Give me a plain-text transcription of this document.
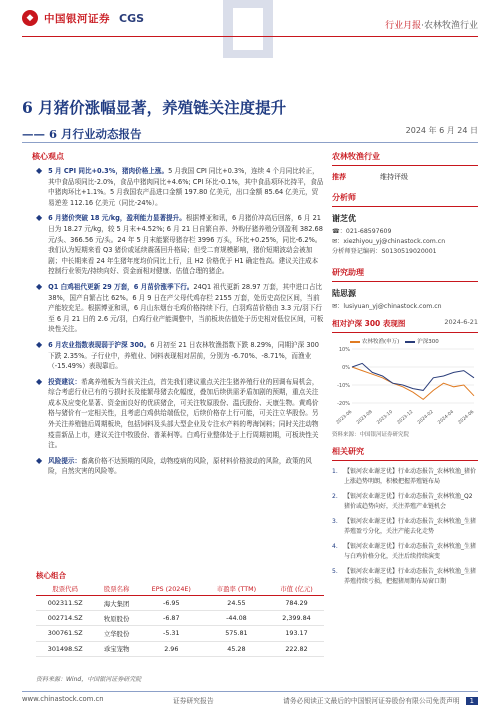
◆	中国银河证券 CGS
行业月报·农林牧渔行业
6 月猪价涨幅显著，养殖链关注度提升
—— 6 月行业动态报告	2024 年 6 月 24 日
核心观点
◆ 5 月 CPI 同比+0.3%，猪肉价格上涨。5 月我国 CPI 同比+0.3%，连续 4 个月同比转正，其中食品项同比-2.0%，食品中猪肉同比+4.6%; CPI 环比-0.1%，其中食品项环比持平，食品中猪肉环比+1.1%。5 月我国农产品进口金额 197.80 亿美元，出口金额 85.64 亿美元，贸易逆差 112.16 亿美元（同比-24%）。
◆ 6 月猪价突破 18 元/kg，盈利能力显著提升。根据博亚和讯，6 月猪价冲高后回落，6 月 21 日为 18.27 元/kg，较 5 月末+4.52%; 6 月 21 日自繁自养、外购仔猪养殖分别盈利 382.68 元/头、366.56 元/头。24 年 5 月末能繁母猪存栏 3996 万头，环比+0.25%，同比-6.2%。我们认为短期来看 Q3 猪价或延续震荡回升格局；但受二育规模影响，猪价短期波动会被加剧；中长期来看 24 年生猪年度均价同比上行，且 H2 价格优于 H1 确定性高。建议关注成本控制行业领先/持续向好、资金面相对健康、估值合理的猪企。
◆ Q1 白鸡祖代更新 29 万套，6 月苗价涨季下行。24Q1 祖代更新 28.97 万套，其中进口占比 38%，国产自繁占比 62%。6 月 9 日在产父母代鸡存栏 2155 万套，处历史高位区间，当前产能较充足。根据博亚和讯，6 月山东烟台毛鸡价格持续下行，白羽鸡苗价格由 3.3 元/羽下行至 6 月 21 日的 2.6 元/羽，白鸡行业产能调整中，当前板块估值处于历史相对低位区间，可板块性关注。
◆ 6 月农业指数表现弱于沪深 300。6 月初至 21 日农林牧渔指数下跌 8.29%，同期沪深 300 下跌 2.35%。子行业中，养殖业、饲料表现相对居前，分别为 -6.70%、-8.71%，而渔业（-15.49%）表现靠后。
◆ 投资建议：希禽养殖板为当前关注点，首先我们建议重点关注生猪养殖行业的回调布局机会，综合考虑行业已有的亏损时长及能繁母猪去化幅度，叠加后续供需矛盾加剧的预期，重点关注成本及应变化显著、资金面良好的优质猪企，可关注牧原股份、温氏股份、天康生物。黄鸡价格与猪价有一定相关性，且考虑白鸡供给端低位，后续价格存上行可能，可关注立华股份。另外关注养殖链后周期板块，包括饲料及头部大型企业及专注水产料的粤海饲料；同时关注动物疫苗新品上市，建议关注中牧股份、普莱柯等。白鸡行业整体处于上行周期初期，可板块性关注。
◆ 风险提示：畜禽价格不达预期的风险，动物疫病的风险，原材料价格波动的风险，政策的风险，自然灾害的风险等。
农林牧渔行业
推荐	维持评级
分析师
谢芝优
☎：021-68597609
✉：xiezhiyou_yj@chinastock.com.cn
分析师登记编码：S0130519020001
研究助理
陆思源
✉：lusiyuan_yj@chinastock.com.cn
相对沪深 300 表现图	2024-6-21
农林牧渔(申万)	沪深300
10%
0%
-10%
-20%
2023-06 2023-08 2023-10 2023-12 2024-02 2024-04 2024-06
资料来源：中国银河证券研究院
相关研究
1.	【银河农业谢芝优】行业动态报告_农林牧渔_猪价上涨趋势明朗，积极把握养殖链布局
2.	【银河农业谢芝优】行业动态报告_农林牧渔_Q2 猪价或趋势向好，关注养殖产业链机会
3.	【银河农业谢芝优】行业动态报告_农林牧渔_生猪养殖盈亏分化，关注产能去化走势
4.	【银河农业谢芝优】行业动态报告_农林牧渔_生猪与白鸡价格分化，关注后续持续演变
5.	【银河农业谢芝优】行业动态报告_农林牧渔_生猪养殖持续亏损，把握猪周期布局窗口期
核心组合
股票代码	股票名称	EPS (2024E)	市盈率 (TTM)	市值 (亿元)
002311.SZ	海大集团	-6.95	24.55	784.29
002714.SZ	牧原股份	-6.87	-44.08	2,399.84
300761.SZ	立华股份	-5.31	575.81	193.17
301498.SZ	乖宝宠物	2.96	45.28	222.82
资料来源：Wind，中国银河证券研究院
www.chinastock.com.cn	证券研究报告	请务必阅读正文最后的中国银河证券股份有限公司免责声明 1
